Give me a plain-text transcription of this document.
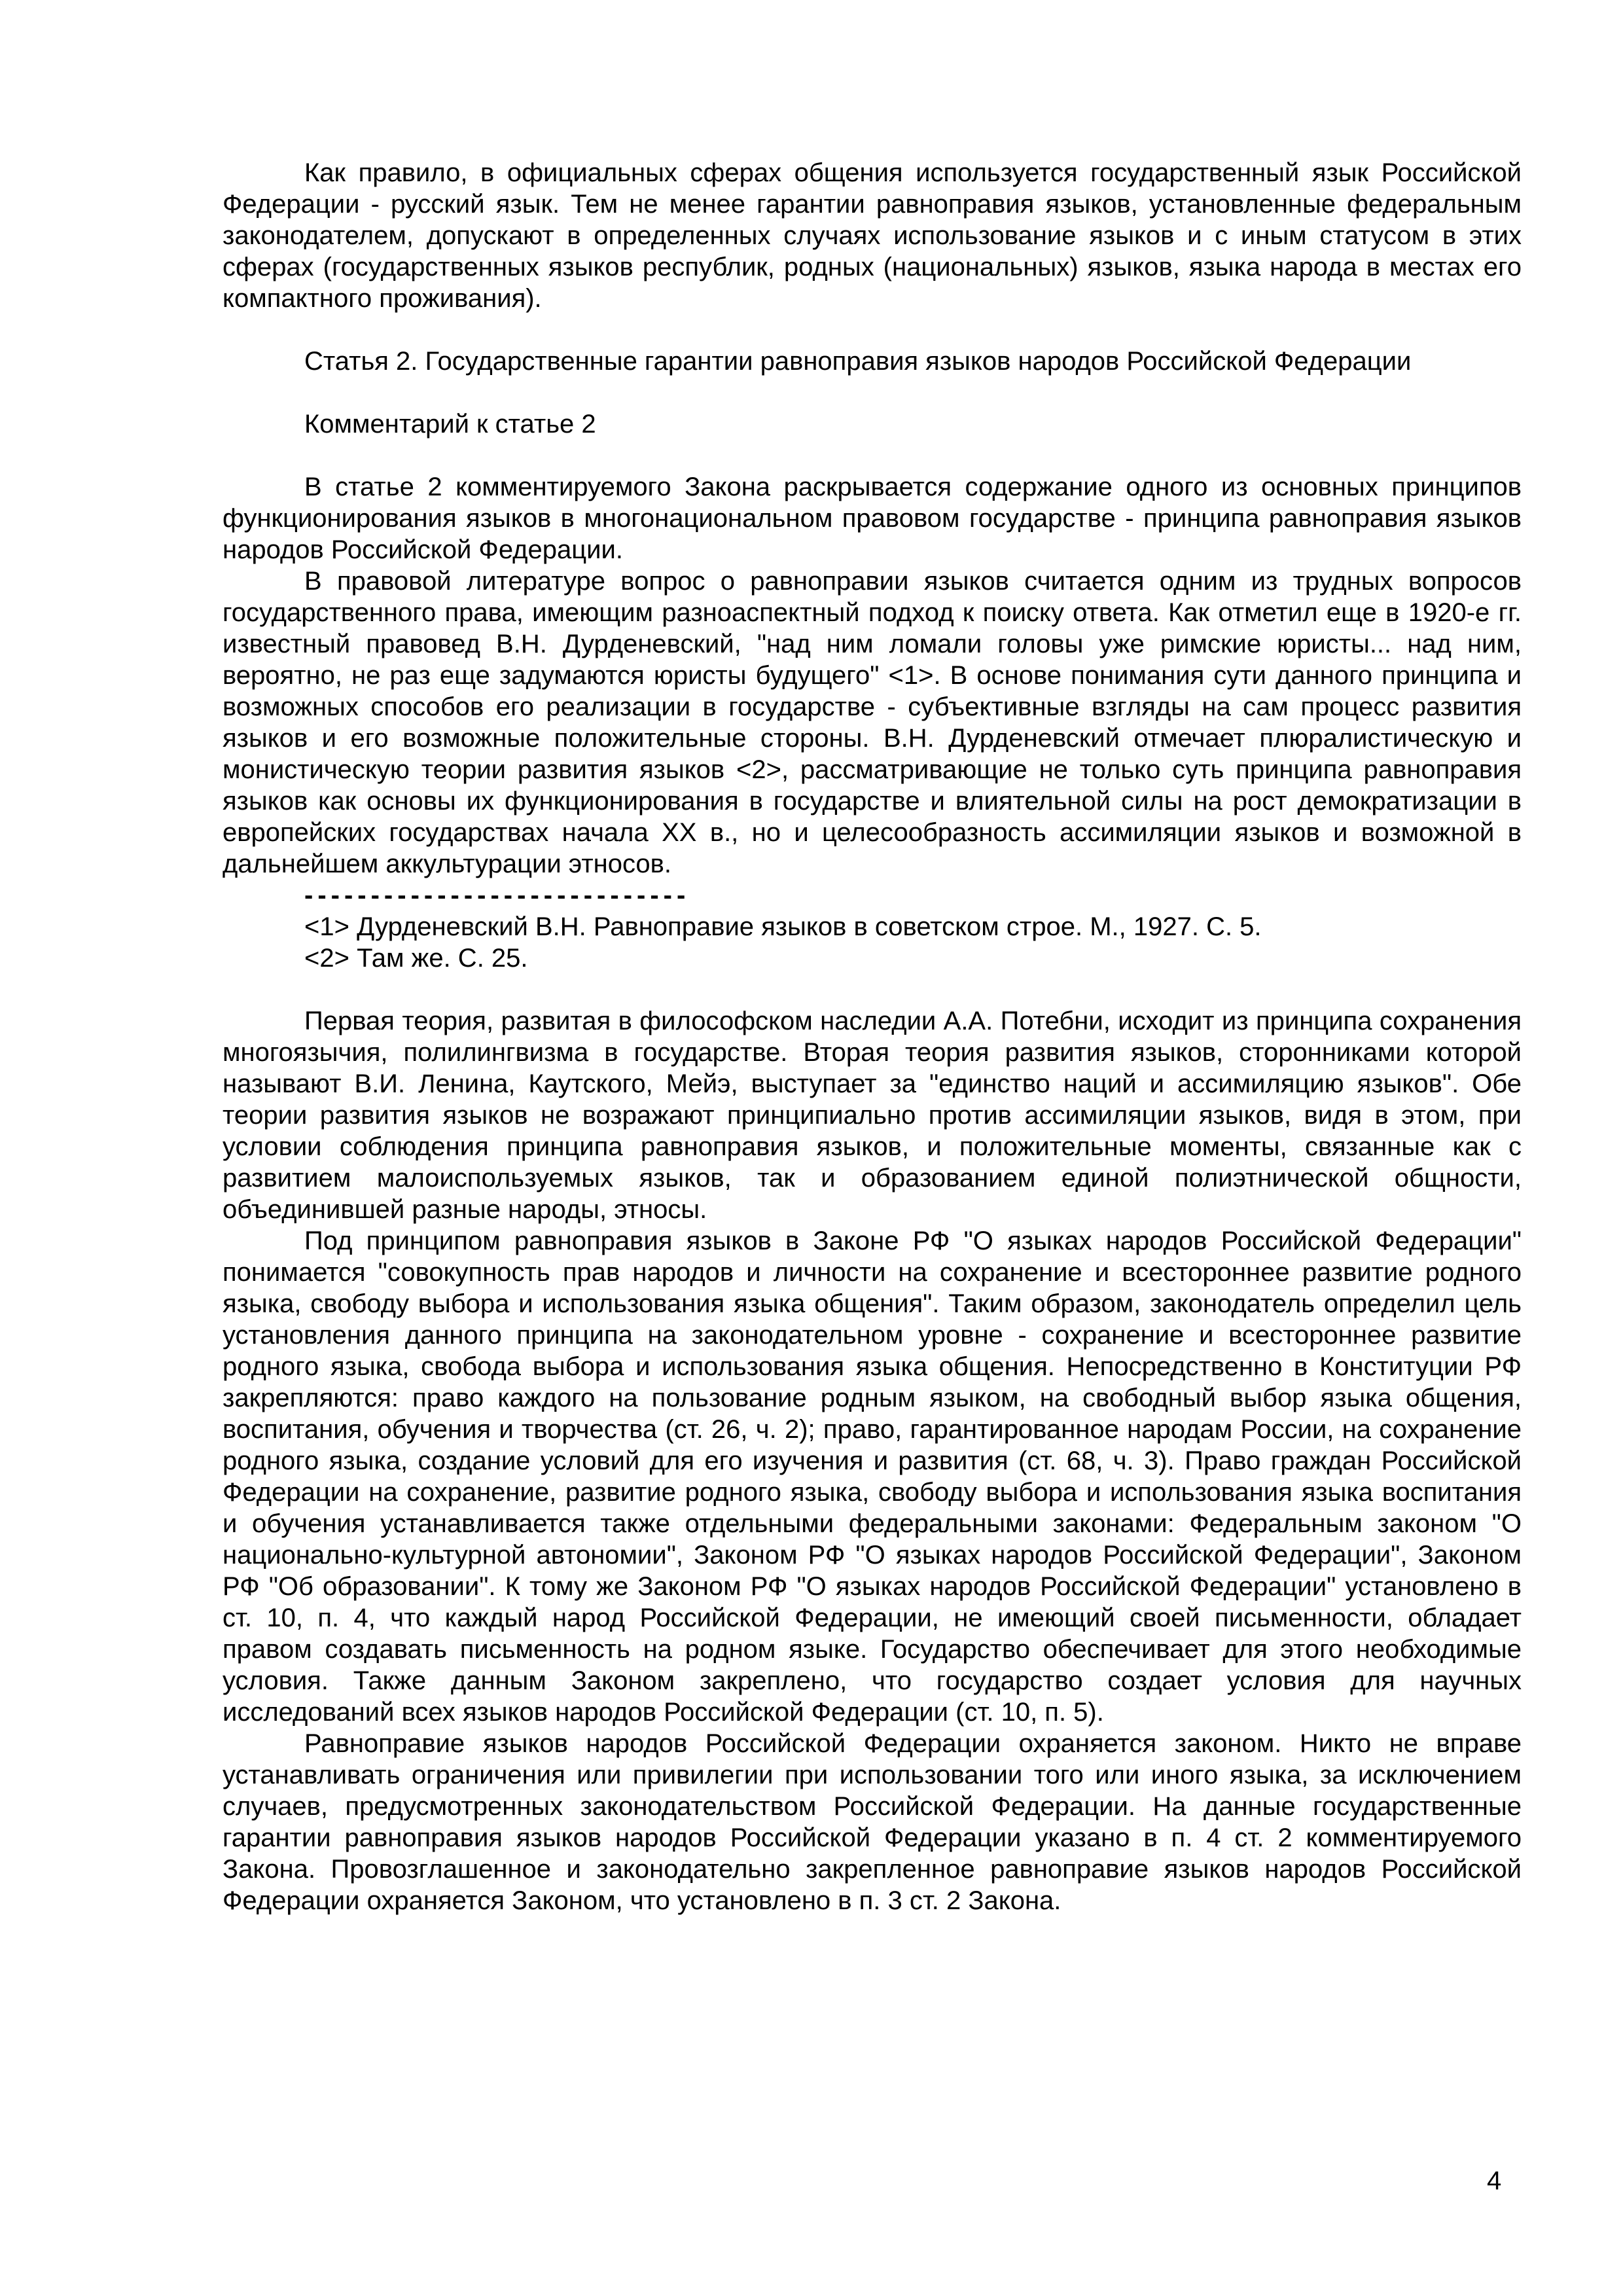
Как правило, в официальных сферах общения используется государственный язык Российской Федерации - русский язык. Тем не менее гарантии равноправия языков, установленные федеральным законодателем, допускают в определенных случаях использование языков и с иным статусом в этих сферах (государственных языков республик, родных (национальных) языков, языка народа в местах его компактного проживания).

Статья 2. Государственные гарантии равноправия языков народов Российской Федерации

Комментарий к статье 2

В статье 2 комментируемого Закона раскрывается содержание одного из основных принципов функционирования языков в многонациональном правовом государстве - принципа равноправия языков народов Российской Федерации.

В правовой литературе вопрос о равноправии языков считается одним из трудных вопросов государственного права, имеющим разноаспектный подход к поиску ответа. Как отметил еще в 1920-е гг. известный правовед В.Н. Дурденевский, "над ним ломали головы уже римские юристы... над ним, вероятно, не раз еще задумаются юристы будущего" <1>. В основе понимания сути данного принципа и возможных способов его реализации в государстве - субъективные взгляды на сам процесс развития языков и его возможные положительные стороны. В.Н. Дурденевский отмечает плюралистическую и монистическую теории развития языков <2>, рассматривающие не только суть принципа равноправия языков как основы их функционирования в государстве и влиятельной силы на рост демократизации в европейских государствах начала XX в., но и целесообразность ассимиляции языков и возможной в дальнейшем аккультурации этносов.

-----------------------------

<1> Дурденевский В.Н. Равноправие языков в советском строе. М., 1927. С. 5.

<2> Там же. С. 25.

Первая теория, развитая в философском наследии А.А. Потебни, исходит из принципа сохранения многоязычия, полилингвизма в государстве. Вторая теория развития языков, сторонниками которой называют В.И. Ленина, Каутского, Мейэ, выступает за "единство наций и ассимиляцию языков". Обе теории развития языков не возражают принципиально против ассимиляции языков, видя в этом, при условии соблюдения принципа равноправия языков, и положительные моменты, связанные как с развитием малоиспользуемых языков, так и образованием единой полиэтнической общности, объединившей разные народы, этносы.

Под принципом равноправия языков в Законе РФ "О языках народов Российской Федерации" понимается "совокупность прав народов и личности на сохранение и всестороннее развитие родного языка, свободу выбора и использования языка общения". Таким образом, законодатель определил цель установления данного принципа на законодательном уровне - сохранение и всестороннее развитие родного языка, свобода выбора и использования языка общения. Непосредственно в Конституции РФ закрепляются: право каждого на пользование родным языком, на свободный выбор языка общения, воспитания, обучения и творчества (ст. 26, ч. 2); право, гарантированное народам России, на сохранение родного языка, создание условий для его изучения и развития (ст. 68, ч. 3). Право граждан Российской Федерации на сохранение, развитие родного языка, свободу выбора и использования языка воспитания и обучения устанавливается также отдельными федеральными законами: Федеральным законом "О национально-культурной автономии", Законом РФ "О языках народов Российской Федерации", Законом РФ "Об образовании". К тому же Законом РФ "О языках народов Российской Федерации" установлено в ст. 10, п. 4, что каждый народ Российской Федерации, не имеющий своей письменности, обладает правом создавать письменность на родном языке. Государство обеспечивает для этого необходимые условия. Также данным Законом закреплено, что государство создает условия для научных исследований всех языков народов Российской Федерации (ст. 10, п. 5).

Равноправие языков народов Российской Федерации охраняется законом. Никто не вправе устанавливать ограничения или привилегии при использовании того или иного языка, за исключением случаев, предусмотренных законодательством Российской Федерации. На данные государственные гарантии равноправия языков народов Российской Федерации указано в п. 4 ст. 2 комментируемого Закона. Провозглашенное и законодательно закрепленное равноправие языков народов Российской Федерации охраняется Законом, что установлено в п. 3 ст. 2 Закона.

4
